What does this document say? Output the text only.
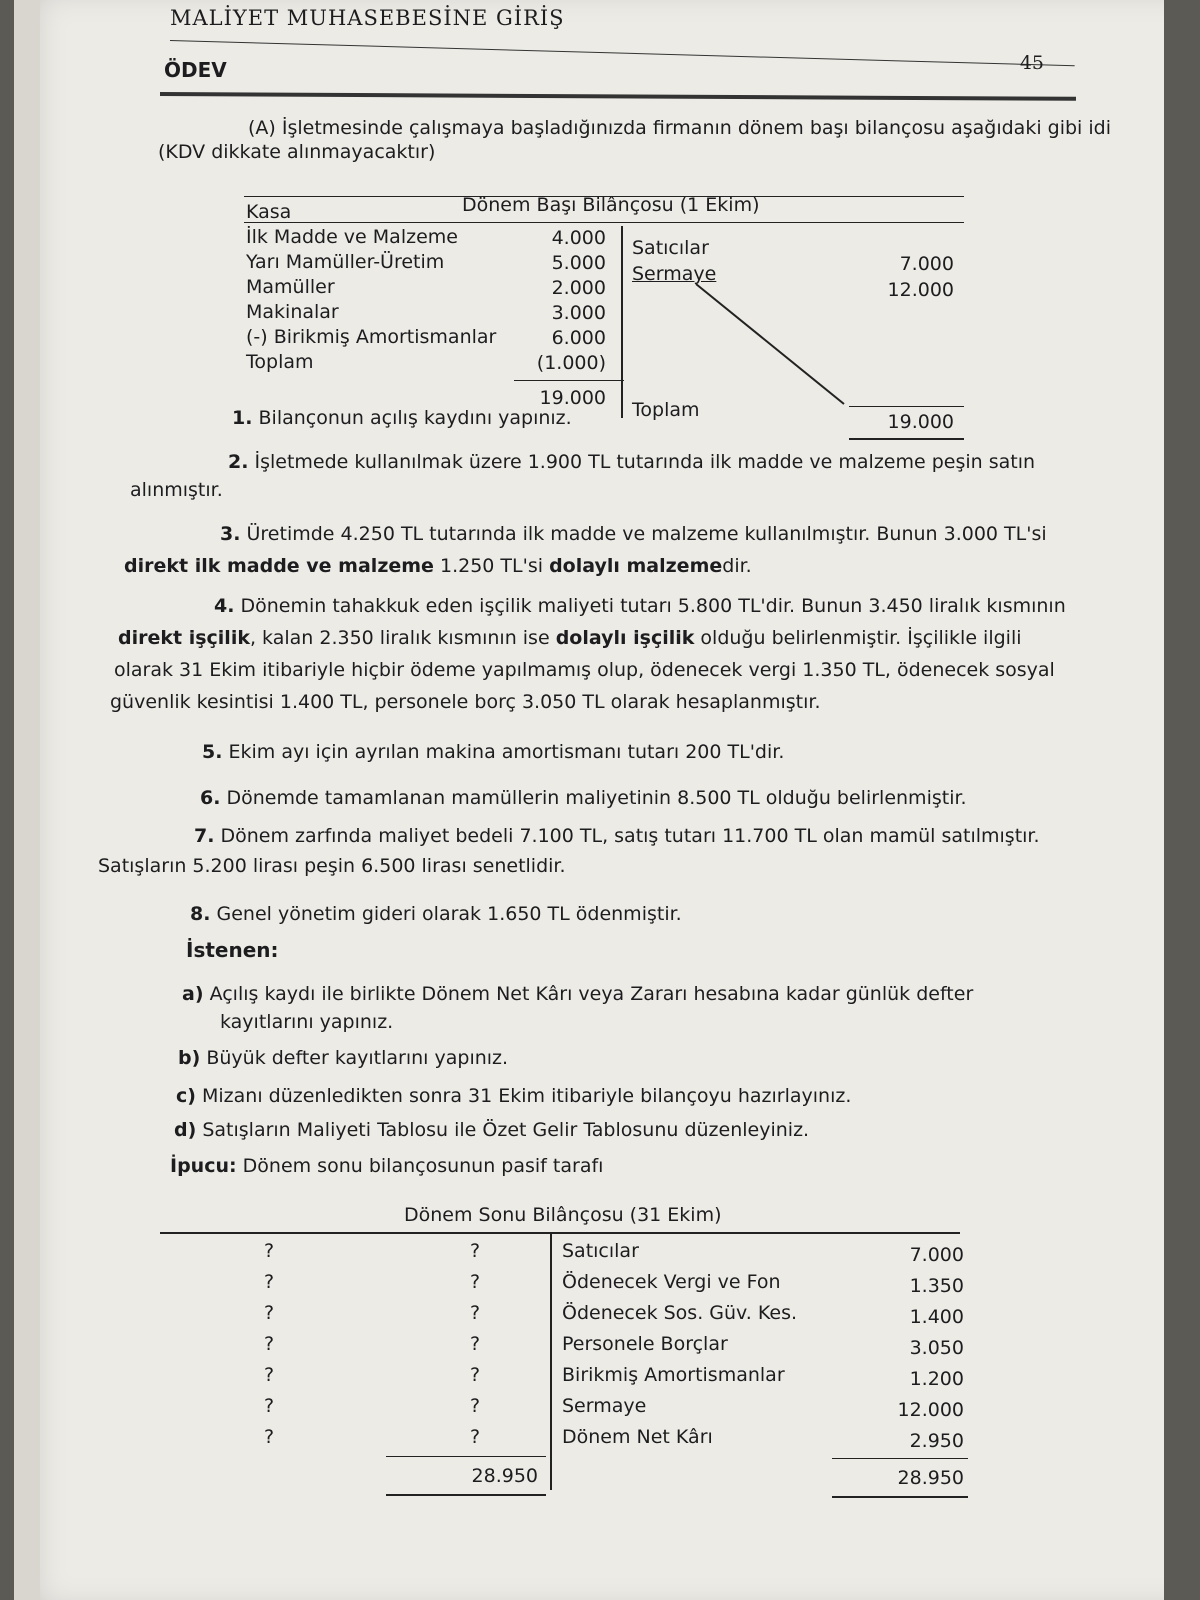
MALİYET MUHASEBESİNE GİRİŞ
45
ÖDEV
(A) İşletmesinde çalışmaya başladığınızda firmanın dönem başı bilançosu aşağıdaki gibi idi
(KDV dikkate alınmayacaktır)
Dönem Başı Bilânçosu (1 Ekim)
Kasa
İlk Madde ve Malzeme
Yarı Mamüller-Üretim
Mamüller
Makinalar
(-) Birikmiş Amortismanlar
Toplam
4.000
5.000
2.000
3.000
6.000
(1.000)
19.000
Satıcılar
Sermaye	7.000
12.000
Toplam
19.000
1. Bilançonun açılış kaydını yapınız.
2. İşletmede kullanılmak üzere 1.900 TL tutarında ilk madde ve malzeme peşin satın
alınmıştır.
3. Üretimde 4.250 TL tutarında ilk madde ve malzeme kullanılmıştır. Bunun 3.000 TL'si
direkt ilk madde ve malzeme 1.250 TL'si dolaylı malzemedir.
4. Dönemin tahakkuk eden işçilik maliyeti tutarı 5.800 TL'dir. Bunun 3.450 liralık kısmının
direkt işçilik, kalan 2.350 liralık kısmının ise dolaylı işçilik olduğu belirlenmiştir. İşçilikle ilgili
olarak 31 Ekim itibariyle hiçbir ödeme yapılmamış olup, ödenecek vergi 1.350 TL, ödenecek sosyal
güvenlik kesintisi 1.400 TL, personele borç 3.050 TL olarak hesaplanmıştır.
5. Ekim ayı için ayrılan makina amortismanı tutarı 200 TL'dir.
6. Dönemde tamamlanan mamüllerin maliyetinin 8.500 TL olduğu belirlenmiştir.
7. Dönem zarfında maliyet bedeli 7.100 TL, satış tutarı 11.700 TL olan mamül satılmıştır.
Satışların 5.200 lirası peşin 6.500 lirası senetlidir.
8. Genel yönetim gideri olarak 1.650 TL ödenmiştir.
İstenen:
a) Açılış kaydı ile birlikte Dönem Net Kârı veya Zararı hesabına kadar günlük defter
kayıtlarını yapınız.
b) Büyük defter kayıtlarını yapınız.
c) Mizanı düzenledikten sonra 31 Ekim itibariyle bilançoyu hazırlayınız.
d) Satışların Maliyeti Tablosu ile Özet Gelir Tablosunu düzenleyiniz.
İpucu: Dönem sonu bilançosunun pasif tarafı
Dönem Sonu Bilânçosu (31 Ekim)
?
?
?
?
?
?
?
?
?
?
?
?
?
?
28.950
Satıcılar
Ödenecek Vergi ve Fon
Ödenecek Sos. Güv. Kes.
Personele Borçlar
Birikmiş Amortismanlar
Sermaye
Dönem Net Kârı
7.000
1.350
1.400
3.050
1.200
12.000
2.950
28.950
